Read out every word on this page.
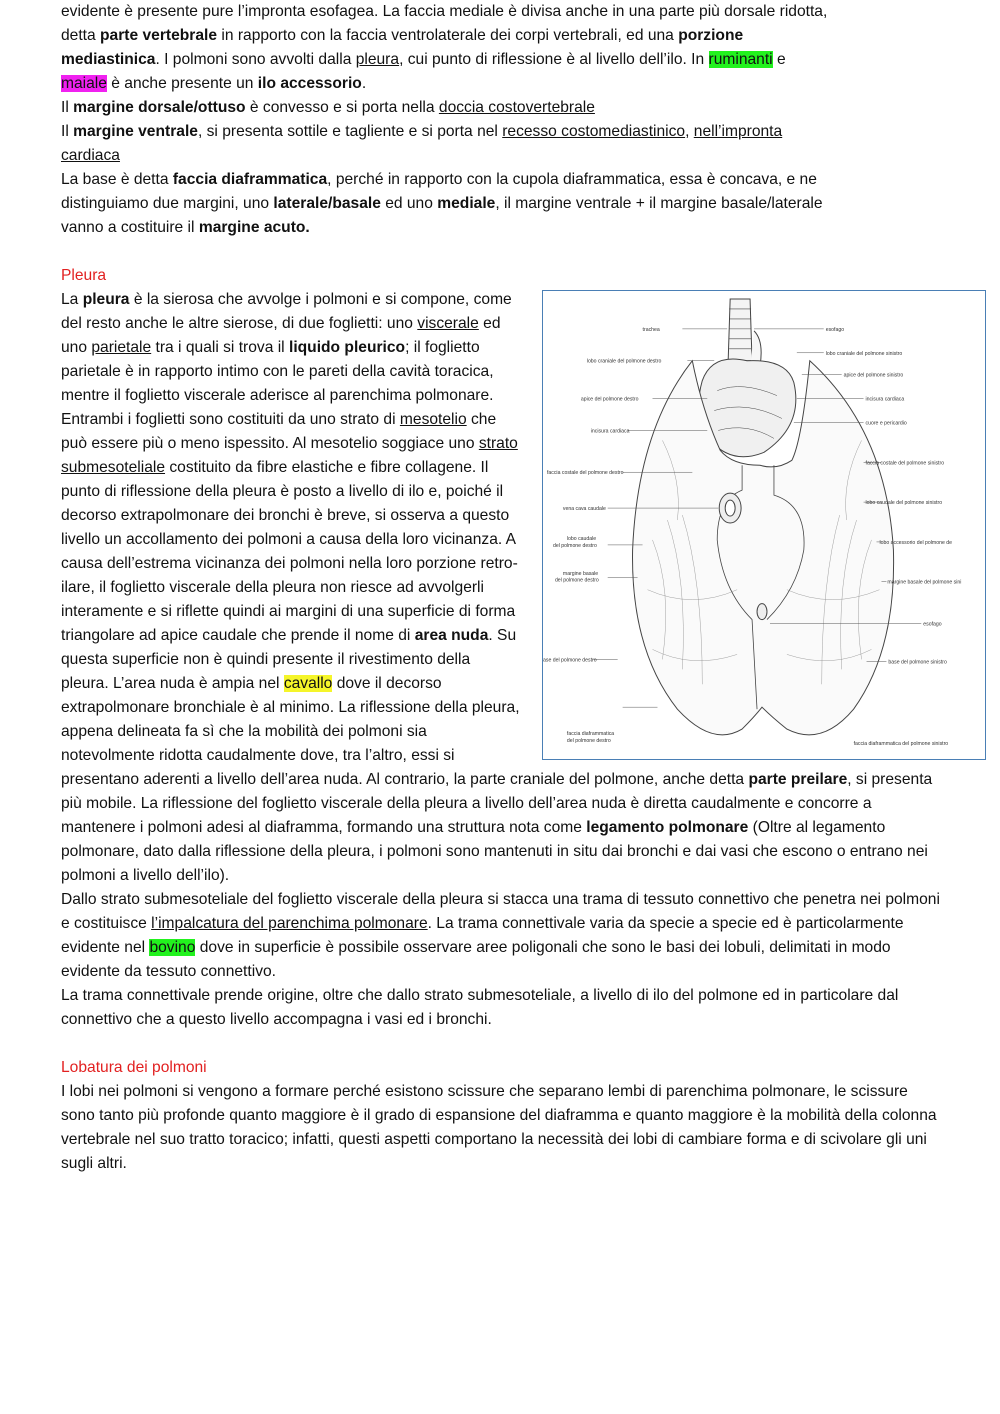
evidente è presente pure l’impronta esofagea. La faccia mediale è divisa anche in una parte più dorsale ridotta,
detta parte vertebrale in rapporto con la faccia ventrolaterale dei corpi vertebrali, ed una porzione
mediastinica. I polmoni sono avvolti dalla pleura, cui punto di riflessione è al livello dell’ilo. In ruminanti e
maiale è anche presente un ilo accessorio.
Il margine dorsale/ottuso è convesso e si porta nella doccia costovertebrale
Il margine ventrale, si presenta sottile e tagliente e si porta nel recesso costomediastinico, nell’impronta
cardiaca
La base è detta faccia diaframmatica, perché in rapporto con la cupola diaframmatica, essa è concava, e ne
distinguiamo due margini, uno laterale/basale ed uno mediale, il margine ventrale + il margine basale/laterale
vanno a costituire il margine acuto.

Pleura

trachea
lobo craniale del polmone destro
apice del polmone destro
incisura cardiaca
faccia costale del polmone destro
vena cava caudale
lobo caudale
del polmone destro
margine basale
del polmone destro
ase del polmone destro
faccia diaframmatica
del polmone destro
esofago
lobo craniale del polmone sinistro
apice del polmone sinistro
incisura cardiaca
cuore e pericardio
faccia costale del polmone sinistro
lobo caudale del polmone sinistro
lobo accessorio del polmone de
margine basale del polmone sini
esofago
base del polmone sinistro
faccia diaframmatica del polmone sinistro

La pleura è la sierosa che avvolge i polmoni e si compone, come del resto anche le altre sierose, di due foglietti: uno viscerale ed uno parietale tra i quali si trova il liquido pleurico; il foglietto parietale è in rapporto intimo con le pareti della cavità toracica, mentre il foglietto viscerale aderisce al parenchima polmonare. Entrambi i foglietti sono costituiti da uno strato di mesotelio che può essere più o meno ispessito. Al mesotelio soggiace uno strato submesoteliale costituito da fibre elastiche e fibre collagene. Il punto di riflessione della pleura è posto a livello di ilo e, poiché il decorso extrapolmonare dei bronchi è breve, si osserva a questo livello un accollamento dei polmoni a causa della loro vicinanza. A causa dell’estrema vicinanza dei polmoni nella loro porzione retro-ilare, il foglietto viscerale della pleura non riesce ad avvolgerli interamente e si riflette quindi ai margini di una superficie di forma triangolare ad apice caudale che prende il nome di area nuda. Su questa superficie non è quindi presente il rivestimento della pleura. L’area nuda è ampia nel cavallo dove il decorso extrapolmonare bronchiale è al minimo. La riflessione della pleura, appena delineata fa sì che la mobilità dei polmoni sia notevolmente ridotta caudalmente dove, tra l’altro, essi si presentano aderenti a livello dell’area nuda. Al contrario, la parte craniale del polmone, anche detta parte preilare, si presenta più mobile. La riflessione del foglietto viscerale della pleura a livello dell’area nuda è diretta caudalmente e concorre a mantenere i polmoni adesi al diaframma, formando una struttura nota come legamento polmonare (Oltre al legamento polmonare, dato dalla riflessione della pleura, i polmoni sono mantenuti in situ dai bronchi e dai vasi che escono o entrano nei polmoni a livello dell’ilo).

Dallo strato submesoteliale del foglietto viscerale della pleura si stacca una trama di tessuto connettivo che penetra nei polmoni e costituisce l’impalcatura del parenchima polmonare. La trama connettivale varia da specie a specie ed è particolarmente evidente nel bovino dove in superficie è possibile osservare aree poligonali che sono le basi dei lobuli, delimitati in modo evidente da tessuto connettivo.

La trama connettivale prende origine, oltre che dallo strato submesoteliale, a livello di ilo del polmone ed in particolare dal connettivo che a questo livello accompagna i vasi ed i bronchi.

Lobatura dei polmoni

I lobi nei polmoni si vengono a formare perché esistono scissure che separano lembi di parenchima polmonare, le scissure sono tanto più profonde quanto maggiore è il grado di espansione del diaframma e quanto maggiore è la mobilità della colonna vertebrale nel suo tratto toracico; infatti, questi aspetti comportano la necessità dei lobi di cambiare forma e di scivolare gli uni sugli altri.
